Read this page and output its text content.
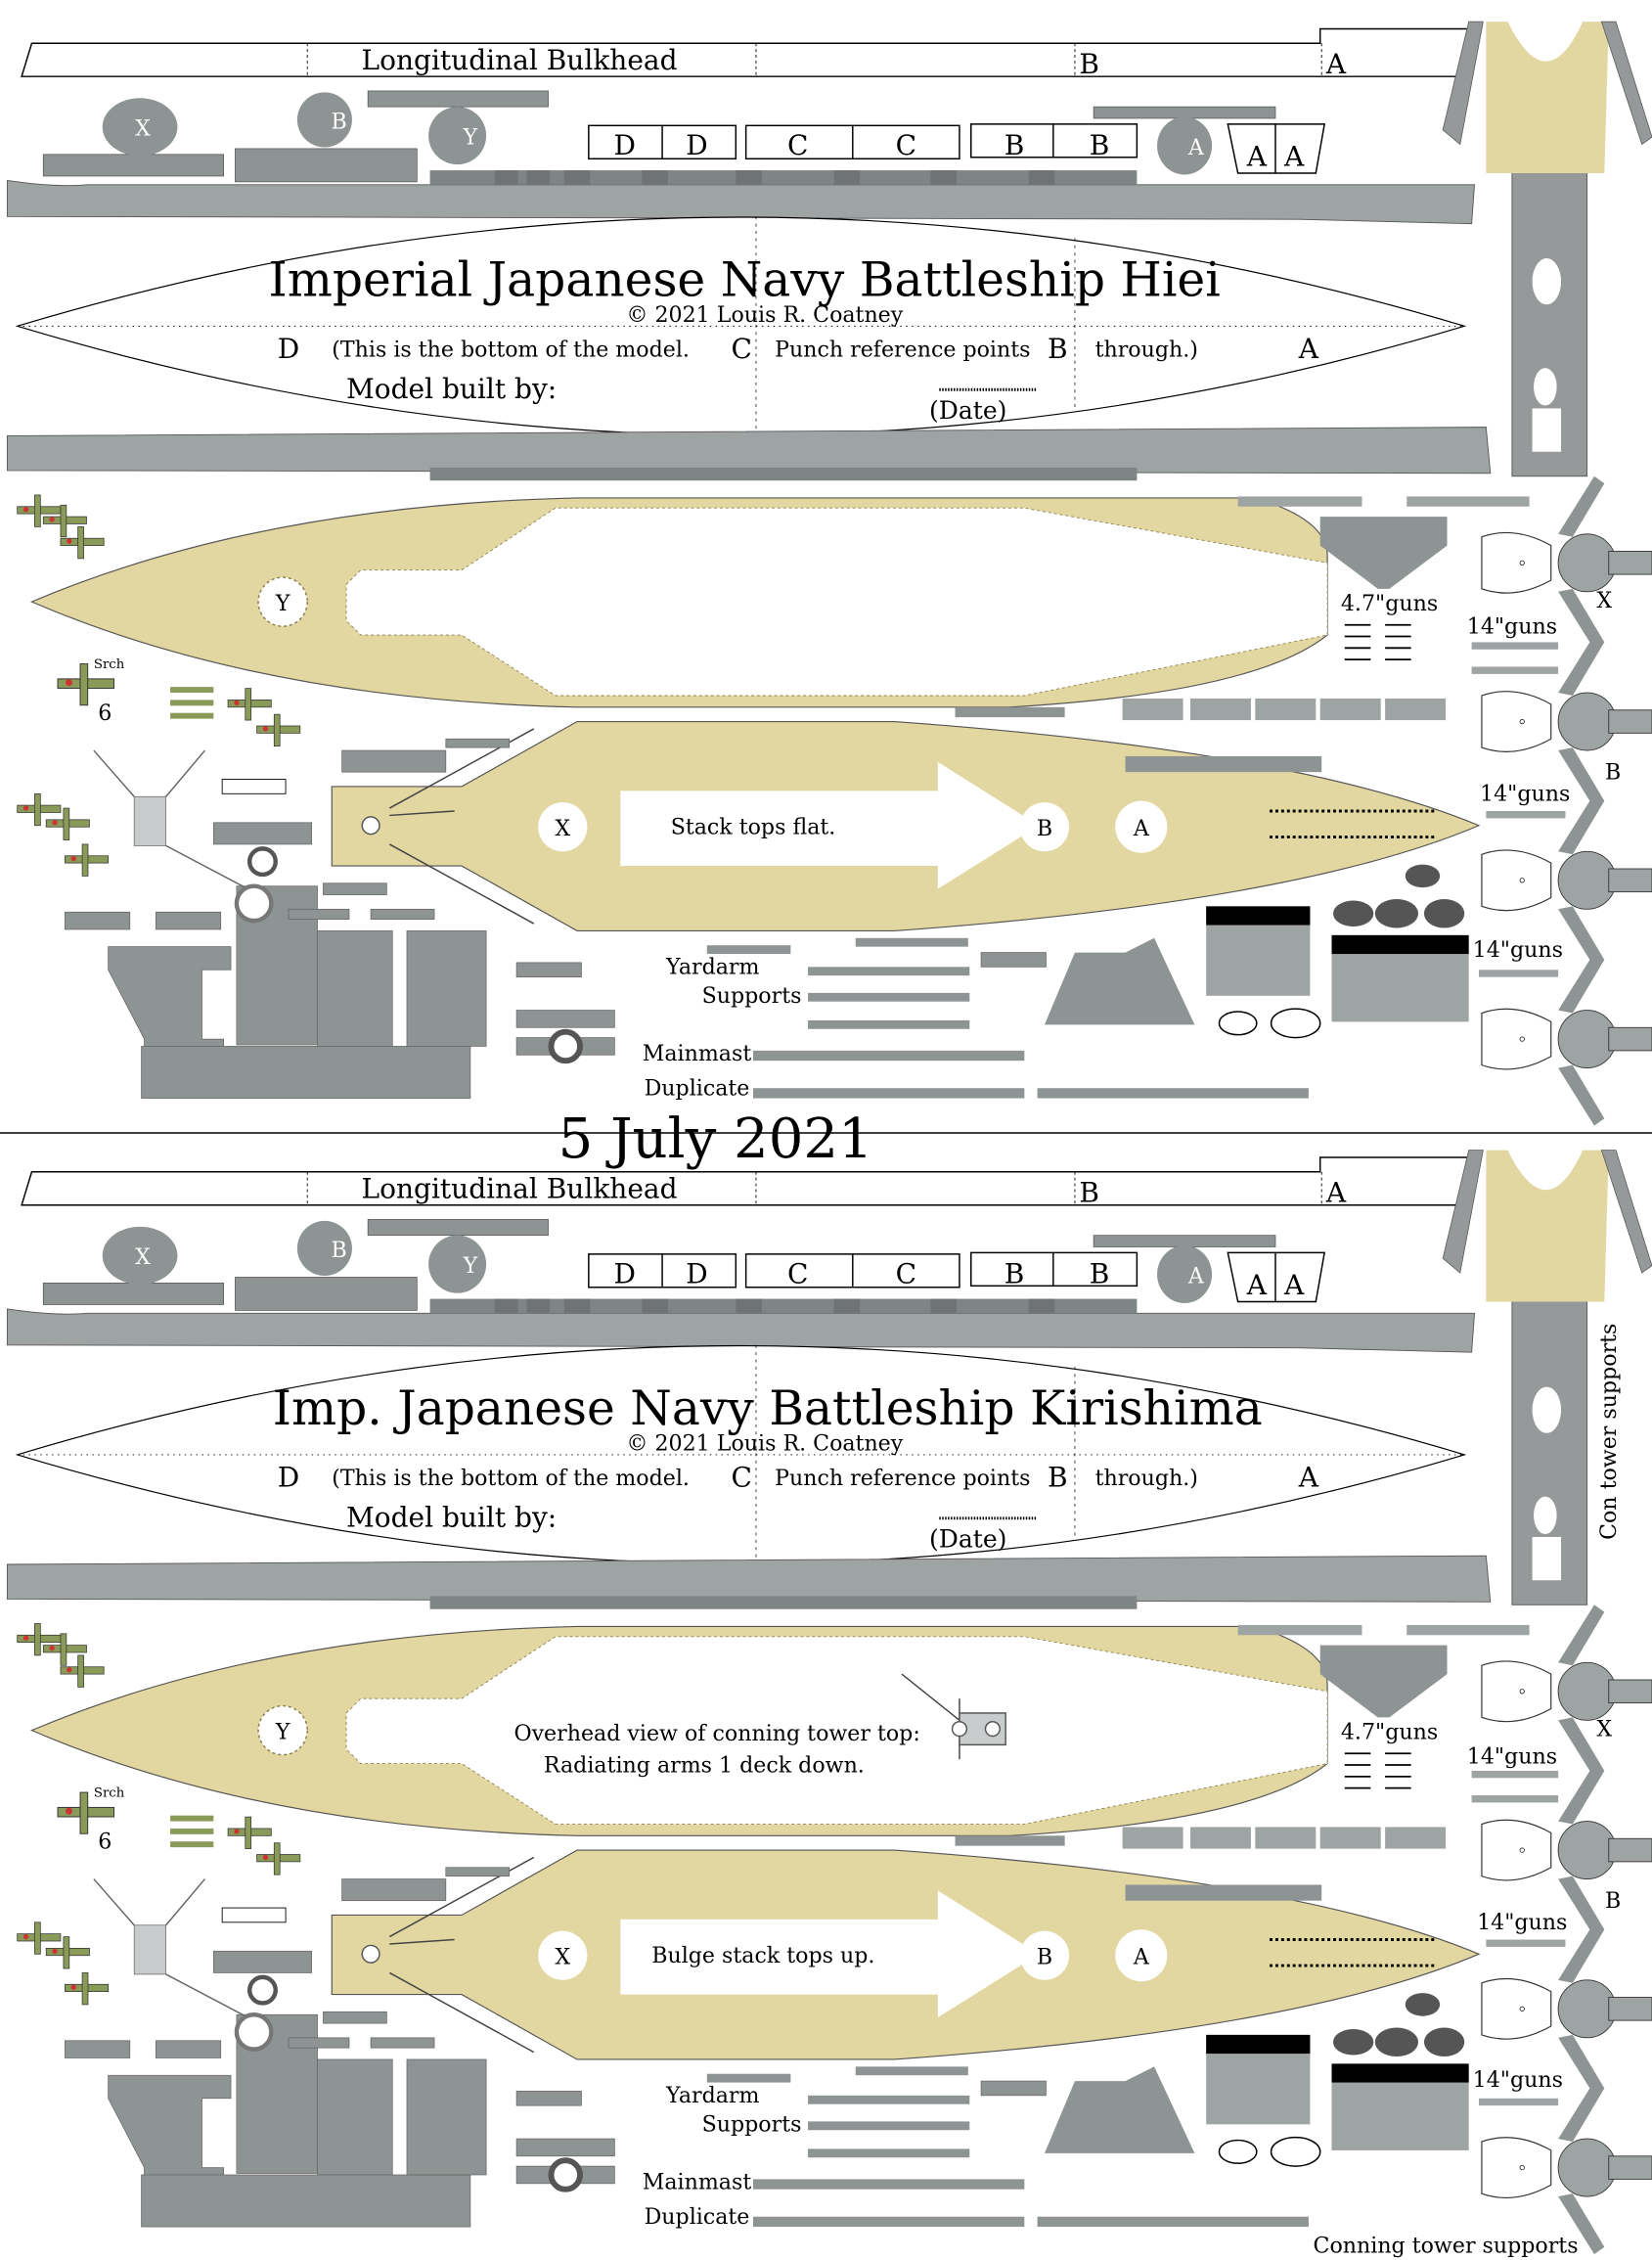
5 July 2021
Longitudinal Bulkhead	B	A
X	B
Y	A
D	D	C	C	B	B	A A
Imperial Japanese Navy Battleship Hiei
© 2021 Louis R. Coatney
D (This is the bottom of the model. C Punch reference points B through.)	A
Model built by:
(Date)
Y
X	B	A
Stack tops flat.
4.7"guns
14"guns
14"guns
14"guns
X
B
Srch
6
Yardarm
Supports
Mainmast
Duplicate
Longitudinal Bulkhead	B	A
X	B
Y	A
D	D	C	C	B	B	A A
Imp. Japanese Navy Battleship Kirishima
© 2021 Louis R. Coatney
D (This is the bottom of the model. C Punch reference points B through.)	A
Model built by:
(Date)
Y	Overhead view of conning tower top:
Radiating arms 1 deck down.
X	B	A
Bulge stack tops up.
4.7"guns
14"guns
14"guns
14"guns
X
B
Srch
6
Yardarm
Supports
Mainmast
Duplicate
Con tower supports
Conning tower supports
